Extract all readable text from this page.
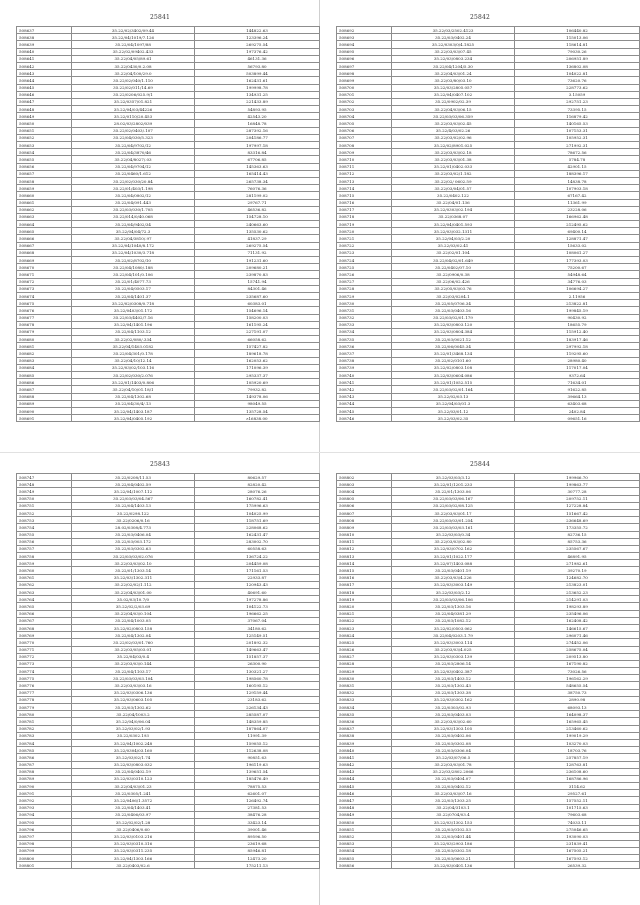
25841
508637	35.22/02/3402/09.44	144822.63
508638	35.22/04/1019/7.126	123396.24
508639	35.22/04/1097/88	269275.54
508640	35.22/02/09402.433	197376.42
508641	35.22/04/05/89.61	46131.36
508642	35.22/0430/0.2.08	56793.80
508643	35.22/04/100/29.0	503899.44
508644	35.22/02/040/1.110	162431.61
508645	35.22/02/011/14.69	199998.78
508646	35.22/0206/025.9/1	134931.25
508647	35.22/0357/01.821	221433.89
508648	35.22/04/03/44226	54893.95
508649	35.22/0110/20.453	42543.20
508650	28.02/03/2802/039	16848.78
508651	35.22/02/0403/.107	287392.16
508652	35.22/04/030/5.323	204186.77
508653	35.22/04/9702/12	197997.18
508654	35.22/04/3870/46	83316.84
508655	35.22/04/8027/.03	67706.85
508656	35.22/04/9704/12	145363.63
508657	35.22/0460/1.612	165414.43
508658	35.22/02/030/20.84	265738.34
508659	35.22/01/403/1.198	76076.36
508660	35.22/04/0802/12	281199.02
508661	35.22/04/091.443	29767.71
508662	35.22/03/030/1.705	46536.82
508663	35.22/014/0/40.068	154728.10
508664	35.22/04/9402/34	240663.60
508665	35.22/04/04/72.3	135530.62
508666	35.22/04/3810/.97	41837.29
508667	35.22/04/1040/8.172	269275.54
508668	35.22/04/1030/3.718	71131.92
508669	35.22/02/8702/10	191231.60
508670	35.22/04/1080/.188	209680.21
508671	35.22/04/101/0.106	239870.83
508672	35.22/01/4077.73	15741.94
508673	35.22/04/0503.17	84301.46
508674	35.22/04/1401.37	235687.60
508675	35.22/02/0308/0.718	60383.01
508676	35.22/0403/01.172	154696.14
508677	35.22/03/4402/7.16	158200.03
508678	35.22/04/1401.196	161195.24
508679	35.22/04/1103.12	227191.07
508680	35.22/02/080/.334	66058.62
508681	35.22/04/1403.0182	157427.82
508682	35.22/04/301/0.178	189618.78
508683	35.22/04/10/12.14	162053.62
508684	35.22/03/02/103.116	171096.39
508685	35.22/02/030/2.076	295337.37
508686	35.22/01/1403/0.806	105920.69
508687	35.22/04/10/01.18/1	79932.82
508688	35.22/04/1302.68	149378.06
508689	35.22/04/30/4/.13	98049.55
508690	35.22/04/1403.187	135728.54
508691	35.22/04/0405.192	ε16838.00
25842
508692	35.22/03/2502.4123	106440.82
508693	35.22/03/0402.24	115013.06
508694	35.22/0303/0/4.1825	118614.81
508695	35.22/03/03/07.45	79030.26
508696	35.22/03/0803.234	206951.89
508697	35.22/04/1204/5.30	136802.08
508698	35.22/04/03/01.24	104022.81
508699	35.22/03/80/03.10	73620.76
508700	35.22/03/2805.057	228773.62
508701	35.22/04/0407.102	3.15059
508702	35.22/0902/02.39	292751.23
508703	35.22/04/03/06.15	73395.15
508704	35.22/03/03/06.359	116879.42
508705	35.22/03/03/02.45	140165.53
508706	35.22/4/03/02.26	107153.31
508707	35.22/03/02/02.96	105952.31
508708	35.22/02/8901.025	271992.31
508709	35.22/03/03/02.18	78672.56
508710	35.22/03/03/01.38	5784.78
508711	35.22/01/0402.033	42901.15
508712	35.22/03/02/1.182	188396.17
508713	35.22/02/ 0602.59	14838.78
508714	35.22/03/04/01.57	107903.18
508715	35.22/0402.122	67167.42
508716	35.22/04/01.136	11361.99
508717	35.22/0303/02.194	23228.06
508718	35.22/0368.07	166962.48
508719	35.22/04/0401.593	212495.62
508720	35.22/03/032.1311	69400.14
508721	35.22/04/03/2.20	128871.47
508722	35.22/03/02.41	15633.02
508723	35.22/02/01.104	108061.27
508724	35.22/04/02/01.649	177393.03
508725	35.22/0402/07.10	75200.67
508726	35.22/0906/0.38	54948.64
508727	35.22/06/02.426	34776.03
508728	35.22/05/03/03.76	106694.27
508729	35.22/03/0204.1	2.11956
508730	35.22/05/0706.34	213822.81
508731	35.22/03/0403.16	199845.19
508732	35.22/03/02/01.179	90430.92
508733	35.22/03/0803.120	18655.79
508734	35.22/03/0804.384	115912.40
508735	35.22/03/0021.12	183917.46
508736	35.22/06/0045.34	297992.18
508737	35.22/01/3468.134	119295.60
508738	35.22/02/0101.60	28980.40
508739	35.22/02/0803.108	117017.04
508740	35.22/03/0604.086	9372.64
508741	35.22/01/1052.515	71634.01
508742	35.22/03/02/01.164	91622.85
508743	35.22/02/03.13	39664.13
508744	35.22/04/03/01.3	63403.68
508745	35.22/03/01.12	2402.84
508746	35.22/03/02.35	09651.16
25843
508747	35.22/0208/11.53	80629.57
508748	35.22/04/0402.59	82820.42
508749	35.22/04/1007.112	28076.26
508750	35.22/03/03/04.567	160782.41
508751	35.22/04/1403.13	175996.63
508752	35.22/0298.122	104025.99
508753	35.22/0206/0.16	118751.69
508754	28.02/0308/4.773	228068.62
508755	35.22/03/0406.04	162431.47
508756	35.22/03/003.172	283002.70
508757	35.22/03/0302.63	60558.63
508758	35.22/03/03/02.076	136724.22
508759	35.22/03/03/02.10	204459.08
508760	35.22/01/1303.14	171161.53
508761	35.22/03/1302.311	22933.87
508762	35.22/02/02/1.112	120943.43
508763	35.22/04/03/01.00	40691.60
508764	35.02/03/10.7/0	197278.86
508765	35.22/02/2/03.69	104122.73
508766	35.22/04/03/0.104	196662.25
508767	35.22/04/1003.05	37067.04
508768	35.22/02/0803.158	34180.62
508769	35.22/04/1302.04	125149.51
508770	35.22/02/03/01.760	201892.32
508771	35.22/03/05/03.01	149663.47
508772	35.22/04/03/0.4	151857.37
508773	35.22/03/03/0.144	26300.90
508774	35.22/04/1103.17	130321.27
508775	35.22/03/03/03.104	198560.78
508776	35.22/03/03/03.16	160195.12
508777	35.22/03/0306.136	129159.44
508778	35.22/03/0603.105	23183.62
508779	35.22/03/1302.62	226134.43
508780	35.22/04/1003.2	285587.07
508781	35.22/04/0/06.04	148359.85
508782	35.22/03/02/1.93	187864.07
508783	35.22/0302.193	11991.39
508784	35.22/04/1002.248	159055.12
508785	35.22/0304/03.160	112638.08
508786	35.22/03/02/1.74	90851.63
508787	35.22/03/0803.032	196119.63
508788	35.22/04/0402.19	139651.54
508789	35.22/03/0310.123	185476.49
508790	35.22/04/03/01.23	78875.53
508791	35.22/0305/1.241	62601.07
508792	35.22/0406/1.3572	126492.74
508793	35.22/04/1403.41	27381.53
508794	35.22/0406/03.97	38476.28
508795	35.22/02/02/1.28	33423.14
508796	35.22/0406/0.60	39001.46
508797	35.22/03/0103.216	89596.50
508798	35.22/03/0310.316	23619.68
508799	35.22/03/0311.235	85946.81
508800	35.22/04/1303.166	12473.20
508801	35.22/0403/02.6	175211.13
25844
508802	35.22/03/03/3.12	199966.70
508803	35.22/01/1201.233	199863.77
508804	35.22/01/1303.06	30777.28
508805	35.22/03/03/06.167	209752.11
508806	35.22/03/02/08.125	127228.84
508807	35.22/03/03/01.17	151667.42
508808	35.22/03/03/01.254	236648.69
508809	35.22/03/03/03.161	173355.72
508810	35.22/03/03/0.34	82736.15
508811	35.22/03/03/02.80	85753.36
508812	35.22/03/0702.162	235567.67
508813	35.22/01/1022.177	46891.95
508814	35.22/07/1403.088	271982.61
508815	35.22/03/0401.19	39270.19
508816	35.22/03/03/4.226	124682.70
508817	35.22/03/3003.149	213823.01
508818	35.22/03/03/2.12	213652.23
508819	35.22/03/03/06.106	214291.03
508820	35.22/03/1303.16	198293.89
508821	35.22/04/0381.29	235496.06
508822	35.22/03/1082.12	162408.42
508823	35.22/02/0503.062	146615.67
508824	35.22/04/0203.1.79	296071.46
508825	35.22/03/3003.114	274452.06
508826	35.22/03/03/4.025	258675.04
508827	35.22/03/0303.139	209513.80
508828	35.22/03/2806.14	167190.82
508829	35.22/03/0402.387	73026.56
508830	35.22/03/1403.12	196162.29
508831	35.22/03/1302.43	548655.54
508832	35.22/03/1303.38	38750.73
508833	35.22/03/0302.162	2890.98
508834	35.22/0303/02.93	68093.13
508835	35.22/03/0403.03	164098.37
508836	35.22/03/03/02.60	165965.45
508837	35.22/03/1303.105	213460.62
508838	35.22/03/0402.06	199019.29
508839	35.22/03/0302.08	103270.03
508840	35.22/03/0306.04	18703.76
508841	35.22/03/07/06.5	257857.19
508842	35.22/03/03/01.78	128763.81
508843	35.22/03/2802.2066	236108.60
508844	35.22/03/0404.07	168786.96
508845	35.22/03/0402.12	3114.62
508846	35.22/03/03/07.16	29527.61
508847	35.22/03/1303.25	157552.11
508848	35.22/04/3103.1	101715.63
508849	35.22/0704/03.4	79603.68
508850	35.22/03/1302.153	74033.11
508851	35.22/03/0102.53	275046.65
508852	35.22/03/0401.44	193090.03
508853	35.22/03/2903.186	231839.41
508854	35.22/03/0302.18	167505.21
508855	35.22/03/0603.21	167593.12
508856	35.22/03/0401.136	26539.32
